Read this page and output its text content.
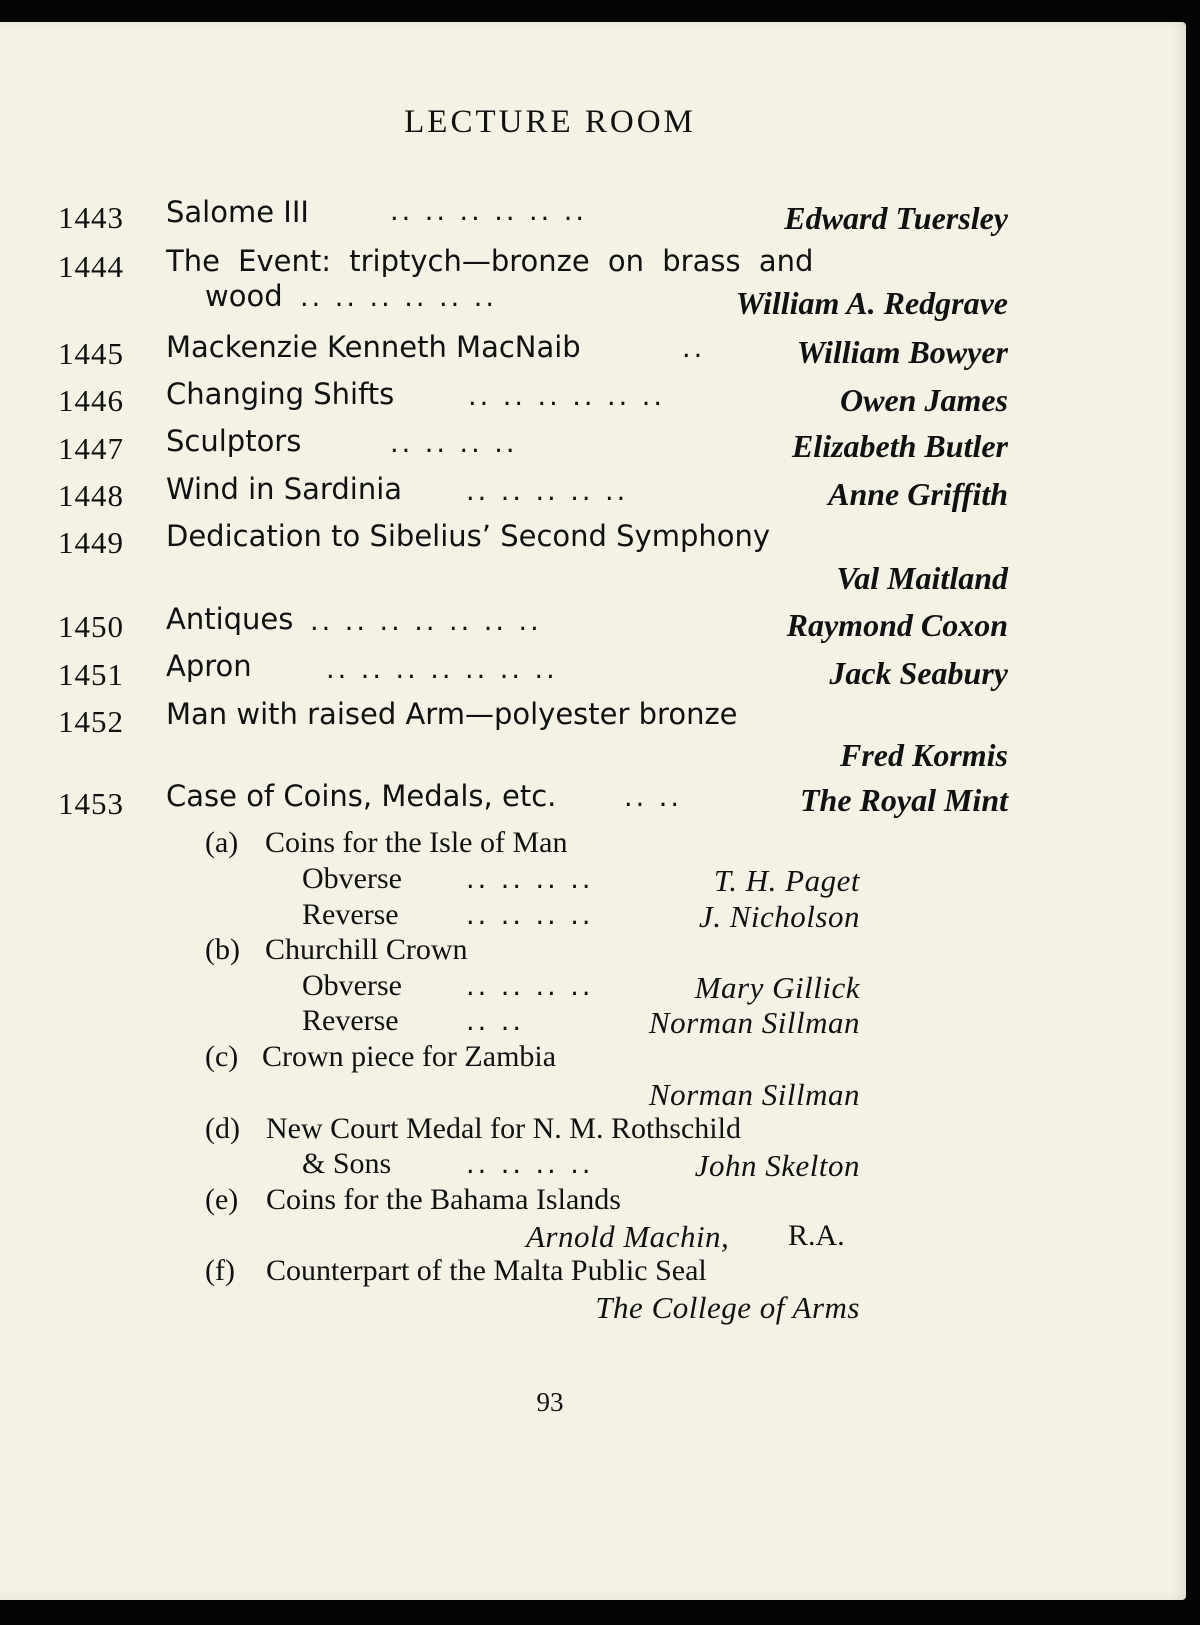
LECTURE ROOM
1443 Salome III	.. .. .. .. .. ..	Edward Tuersley
1444 The Event: triptych—bronze on brass and
wood .. .. .. .. .. ..	William A. Redgrave
1445 Mackenzie Kenneth MacNaib	..	William Bowyer
1446 Changing Shifts	.. .. .. .. .. ..	Owen James
1447 Sculptors	.. .. .. ..	Elizabeth Butler
1448 Wind in Sardinia .. .. .. .. ..	Anne Griffith
1449 Dedication to Sibelius’ Second Symphony
Val Maitland
1450 Antiques .. .. .. .. .. .. ..	Raymond Coxon
1451 Apron	.. .. .. .. .. .. ..	Jack Seabury
1452 Man with raised Arm—polyester bronze
Fred Kormis
1453 Case of Coins, Medals, etc.	.. ..	The Royal Mint
(a) Coins for the Isle of Man
Obverse .. .. .. ..	T. H. Paget
Reverse .. .. .. ..	J. Nicholson
(b) Churchill Crown
Obverse .. .. .. ..	Mary Gillick
Reverse .. ..	Norman Sillman
(c) Crown piece for Zambia
Norman Sillman
(d) New Court Medal for N. M. Rothschild
& Sons	.. .. .. ..	John Skelton
(e) Coins for the Bahama Islands
Arnold Machin, R.A.
(f) Counterpart of the Malta Public Seal
The College of Arms
93
